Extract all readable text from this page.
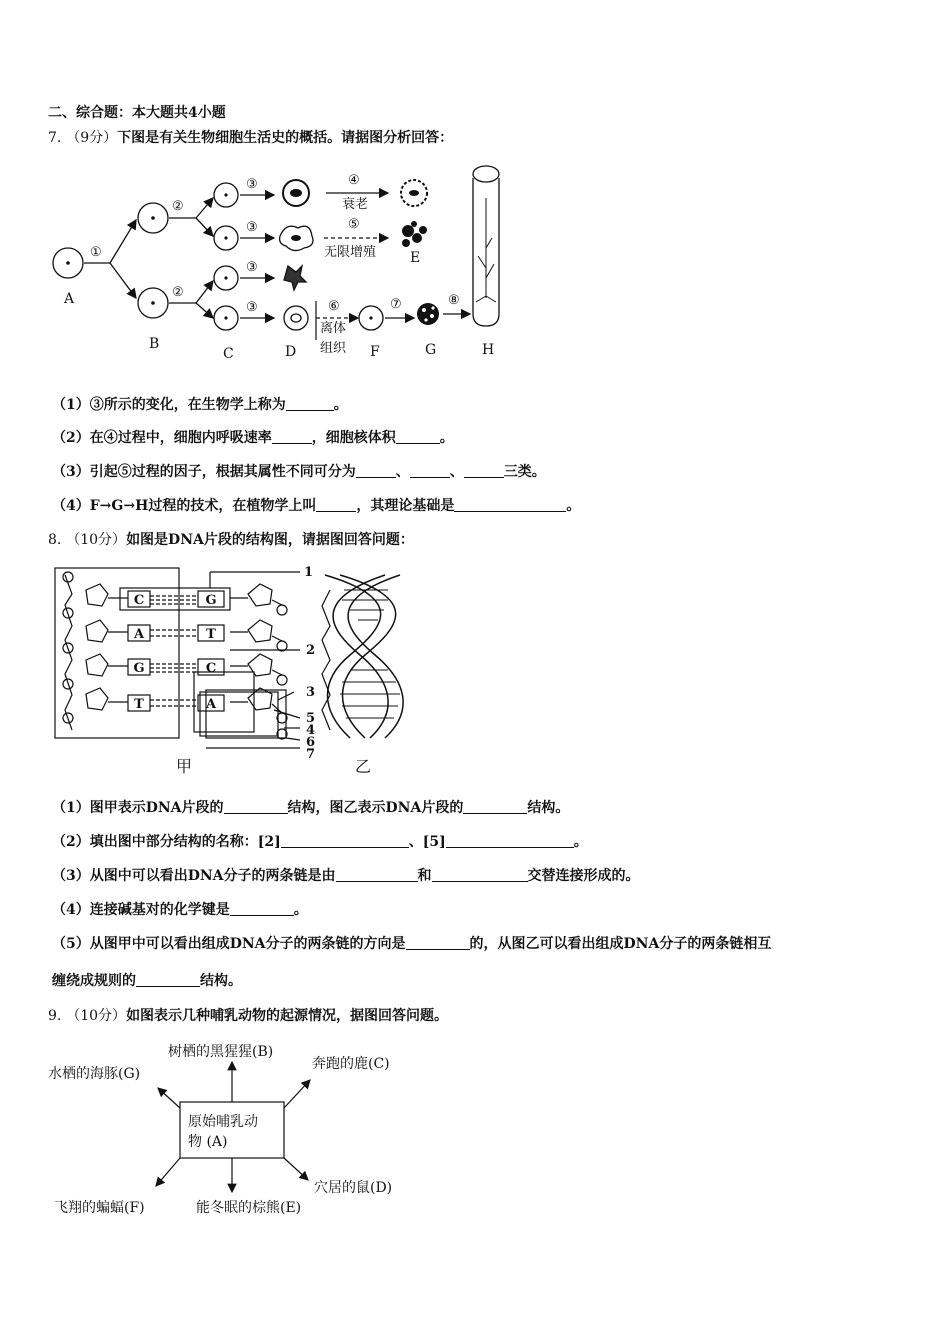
二、综合题：本大题共4小题
7. （9分）下图是有关生物细胞生活史的概括。请据图分析回答：
①
②
②
③
③
③
③
④
衰老
⑤
无限增殖
⑥
离体
组织
⑦	⑧
A
B
C	D
E
F	G	H
（1）③所示的变化，在生物学上称为	。
（2）在④过程中，细胞内呼吸速率	，细胞核体积	。
（3）引起⑤过程的因子，根据其属性不同可分为	、	、	三类。
（4）F→G→H过程的技术，在植物学上叫	，其理论基础是	。
8. （10分）如图是DNA片段的结构图，请据图回答问题：
C
A
G
T
G
T
C
A
1
2
3
5
4
6
7
甲	乙
（1）图甲表示DNA片段的	结构，图乙表示DNA片段的	结构。
（2）填出图中部分结构的名称：[2]	、[5]	。
（3）从图中可以看出DNA分子的两条链是由	和	交替连接形成的。
（4）连接碱基对的化学键是	。
（5）从图甲中可以看出组成DNA分子的两条链的方向是	的，从图乙可以看出组成DNA分子的两条链相互
缠绕成规则的	结构。
9. （10分）如图表示几种哺乳动物的起源情况，据图回答问题。
原始哺乳动
物 (A)
树栖的黑猩猩(B)
奔跑的鹿(C)
水栖的海豚(G)
穴居的鼠(D)
能冬眠的棕熊(E)
飞翔的蝙蝠(F)
